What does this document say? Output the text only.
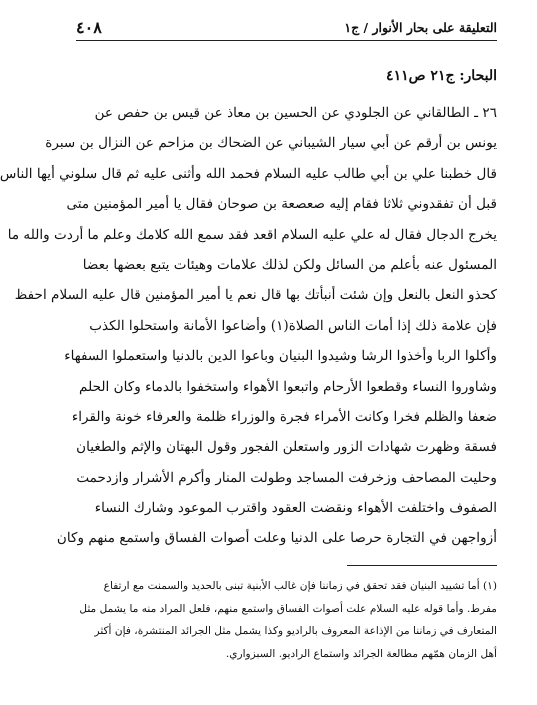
٤٠٨	التعليقة على بحار الأنوار / ج١
البحار: ج٢١ ص٤١١
٢٦ ـ الطالقاني عن الجلودي عن الحسين بن معاذ عن قيس بن حفص عن
يونس بن أرقم عن أبي سيار الشيباني عن الضحاك بن مزاحم عن النزال بن سبرة
قال خطبنا علي بن أبي طالب عليه السلام فحمد الله وأثنى عليه ثم قال سلوني أيها الناس
قبل أن تفقدوني ثلاثا فقام إليه صعصعة بن صوحان فقال يا أمير المؤمنين متى
يخرج الدجال فقال له علي عليه السلام اقعد فقد سمع الله كلامك وعلم ما أردت والله ما
المسئول عنه بأعلم من السائل ولكن لذلك علامات وهيئات يتبع بعضها بعضا
كحذو النعل بالنعل وإن شئت أنبأتك بها قال نعم يا أمير المؤمنين قال عليه السلام احفظ
فإن علامة ذلك إذا أمات الناس الصلاة(١) وأضاعوا الأمانة واستحلوا الكذب
وأكلوا الربا وأخذوا الرشا وشيدوا البنيان وباعوا الدين بالدنيا واستعملوا السفهاء
وشاوروا النساء وقطعوا الأرحام واتبعوا الأهواء واستخفوا بالدماء وكان الحلم
ضعفا والظلم فخرا وكانت الأمراء فجرة والوزراء ظلمة والعرفاء خونة والقراء
فسقة وظهرت شهادات الزور واستعلن الفجور وقول البهتان والإثم والطغيان
وحليت المصاحف وزخرفت المساجد وطولت المنار وأكرم الأشرار وازدحمت
الصفوف واختلفت الأهواء ونقضت العقود واقترب الموعود وشارك النساء
أزواجهن في التجارة حرصا على الدنيا وعلت أصوات الفساق واستمع منهم وكان
(١) أما تشييد البنيان فقد تحقق في زماننا فإن غالب الأبنية تبنى بالحديد والسمنت مع ارتفاع
مفرط. وأما قوله عليه السلام علت أصوات الفساق واستمع منهم، فلعل المراد منه ما يشمل مثل
المتعارف في زماننا من الإذاعة المعروف بالراديو وكذا يشمل مثل الجرائد المنتشرة، فإن أكثر
أهل الزمان همّهم مطالعة الجرائد واستماع الراديو. السبزواري.
